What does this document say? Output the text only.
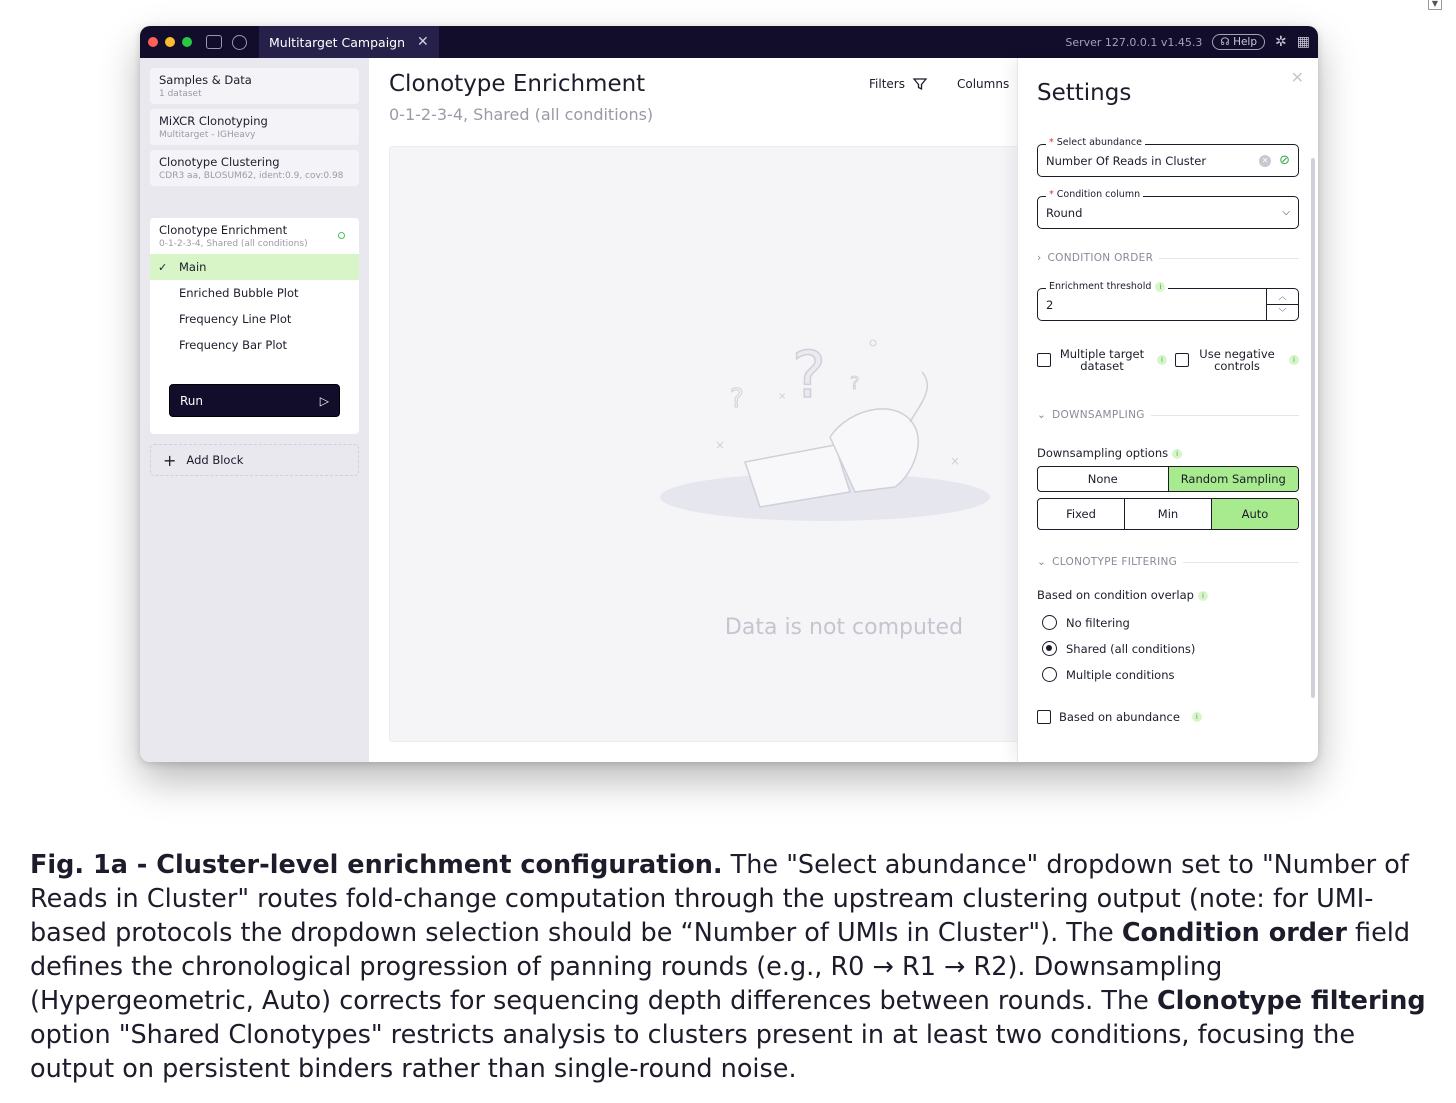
▼
Multitarget Campaign ✕	Server 127.0.0.1 v1.45.3	☊ Help	✲ ▦
Samples & Data
1 dataset
MiXCR Clonotyping
Multitarget - IGHeavy
Clonotype Clustering
CDR3 aa, BLOSUM62, ident:0.9, cov:0.98
Clonotype Enrichment
0-1-2-3-4, Shared (all conditions)
✓ Main
Enriched Bubble Plot
Frequency Line Plot
Frequency Bar Plot
Run	▷
+ Add Block
Clonotype Enrichment
0-1-2-3-4, Shared (all conditions)
Filters	Columns
?
?
?
×
×
×
Data is not computed
Settings
✕
* Select abundance
Number Of Reads in Cluster	✕ ⊘
* Condition column
Round	⌵
› CONDITION ORDER
Enrichment threshold i
2
︿
﹀
Multiple target dataset	i	Use negative controls	i
⌄ DOWNSAMPLING
Downsampling options i
None	Random Sampling
Fixed	Min	Auto
⌄ CLONOTYPE FILTERING
Based on condition overlap i
No filtering
Shared (all conditions)
Multiple conditions
Based on abundance	i
Fig. 1a - Cluster-level enrichment configuration. The "Select abundance" dropdown set to "Number of Reads in Cluster" routes fold-change computation through the upstream clustering output (note: for UMI-based protocols the dropdown selection should be “Number of UMIs in Cluster"). The Condition order field defines the chronological progression of panning rounds (e.g., R0 → R1 → R2). Downsampling (Hypergeometric, Auto) corrects for sequencing depth differences between rounds. The Clonotype filtering option "Shared Clonotypes" restricts analysis to clusters present in at least two conditions, focusing the output on persistent binders rather than single-round noise.
